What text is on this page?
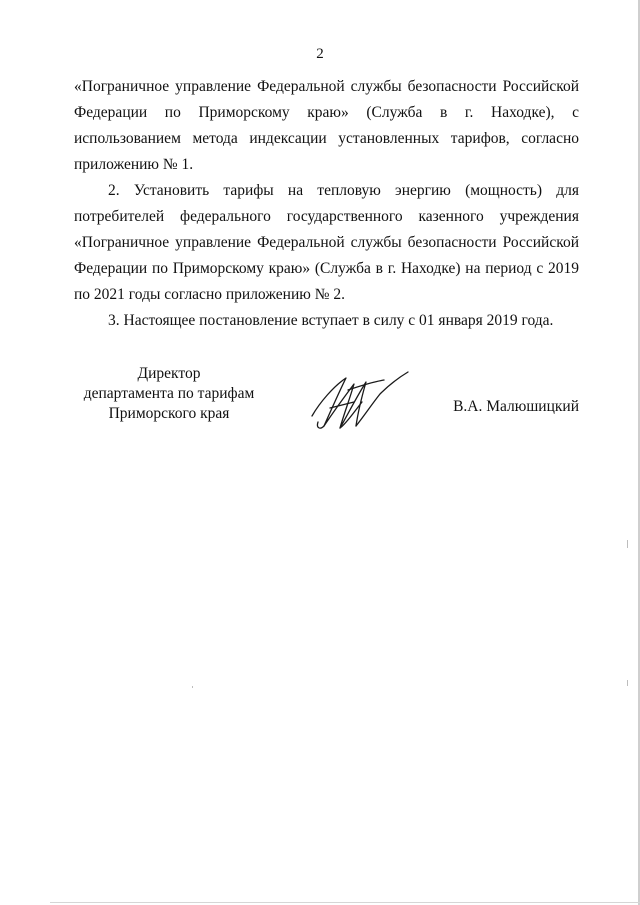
2

«Пограничное управление Федеральной службы безопасности Российской Федерации по Приморскому краю» (Служба в г. Находке), с использованием метода индексации установленных тарифов, согласно приложению № 1.

2. Установить тарифы на тепловую энергию (мощность) для потребителей федерального государственного казенного учреждения «Пограничное управление Федеральной службы безопасности Российской Федерации по Приморскому краю» (Служба в г. Находке) на период с 2019 по 2021 годы согласно приложению № 2.

3. Настоящее постановление вступает в силу с 01 января 2019 года.

Директор
департамента по тарифам
Приморского края	В.А. Малюшицкий
